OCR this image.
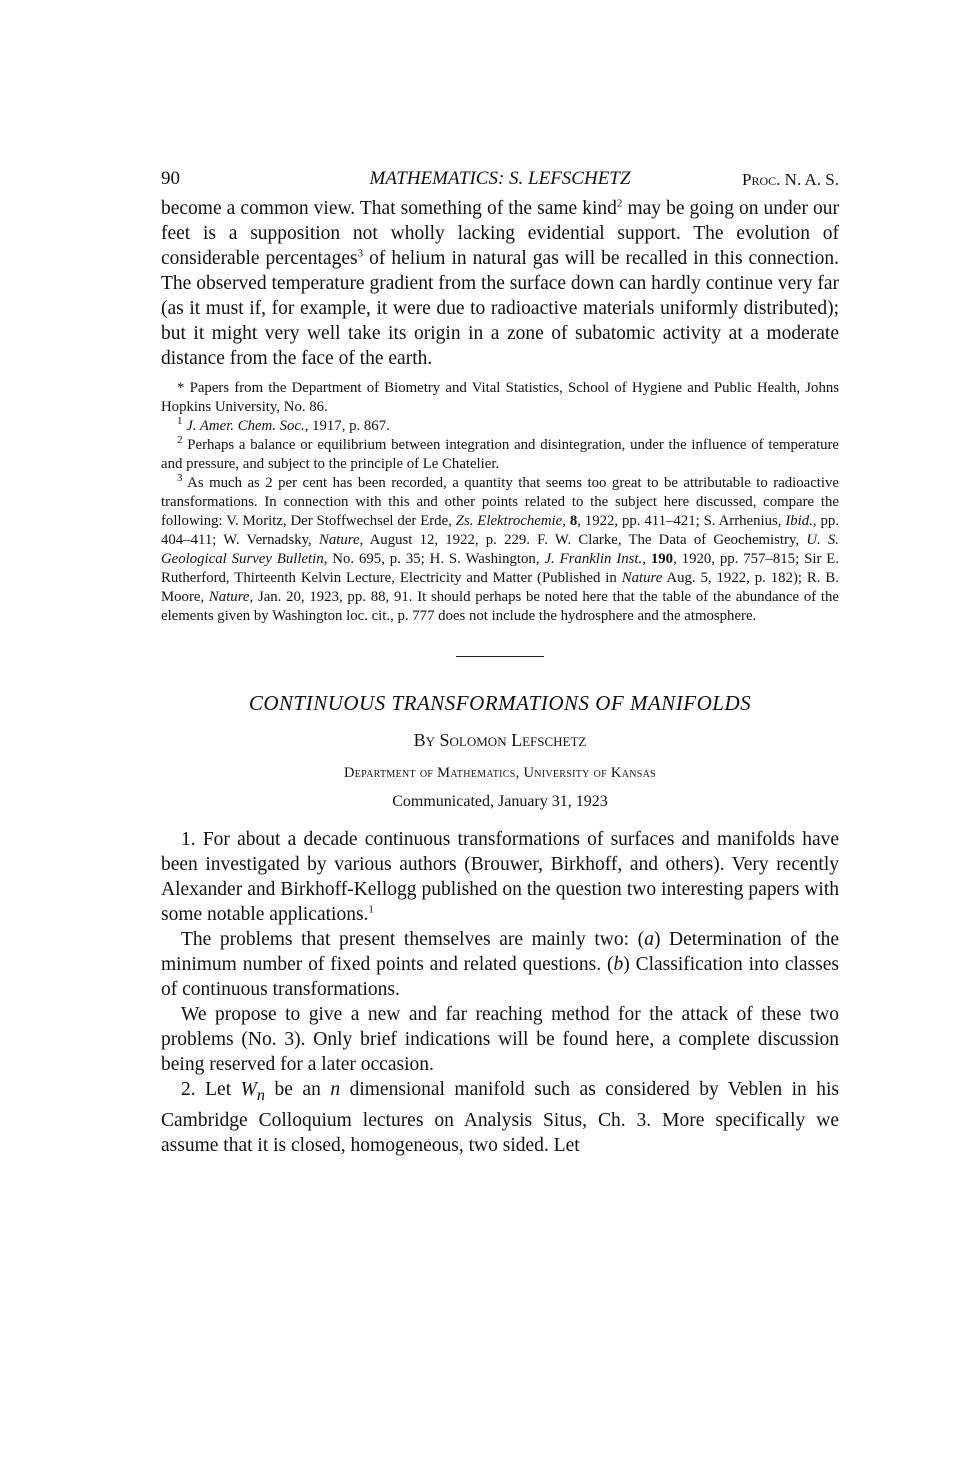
90	MATHEMATICS: S. LEFSCHETZ	Proc. N. A. S.

become a common view. That something of the same kind$^2$ may be going on under our feet is a supposition not wholly lacking evidential support. The evolution of considerable percentages$^3$ of helium in natural gas will be recalled in this connection. The observed temperature gradient from the surface down can hardly continue very far (as it must if, for example, it were due to radioactive materials uniformly distributed); but it might very well take its origin in a zone of subatomic activity at a moderate distance from the face of the earth.

* Papers from the Department of Biometry and Vital Statistics, School of Hygiene and Public Health, Johns Hopkins University, No. 86.

$^1$ J. Amer. Chem. Soc., 1917, p. 867.

$^2$ Perhaps a balance or equilibrium between integration and disintegration, under the influence of temperature and pressure, and subject to the principle of Le Chatelier.

$^3$ As much as 2 per cent has been recorded, a quantity that seems too great to be attributable to radioactive transformations. In connection with this and other points related to the subject here discussed, compare the following: V. Moritz, Der Stoffwechsel der Erde, Zs. Elektrochemie, 8, 1922, pp. 411–421; S. Arrhenius, Ibid., pp. 404–411; W. Vernadsky, Nature, August 12, 1922, p. 229. F. W. Clarke, The Data of Geochemistry, U. S. Geological Survey Bulletin, No. 695, p. 35; H. S. Washington, J. Franklin Inst., 190, 1920, pp. 757–815; Sir E. Rutherford, Thirteenth Kelvin Lecture, Electricity and Matter (Published in Nature Aug. 5, 1922, p. 182); R. B. Moore, Nature, Jan. 20, 1923, pp. 88, 91. It should perhaps be noted here that the table of the abundance of the elements given by Washington loc. cit., p. 777 does not include the hydrosphere and the atmosphere.

CONTINUOUS TRANSFORMATIONS OF MANIFOLDS
By Solomon Lefschetz
Department of Mathematics, University of Kansas
Communicated, January 31, 1923

1. For about a decade continuous transformations of surfaces and manifolds have been investigated by various authors (Brouwer, Birkhoff, and others). Very recently Alexander and Birkhoff-Kellogg published on the question two interesting papers with some notable applications.$^1$

The problems that present themselves are mainly two: (a) Determination of the minimum number of fixed points and related questions. (b) Classification into classes of continuous transformations.

We propose to give a new and far reaching method for the attack of these two problems (No. 3). Only brief indications will be found here, a complete discussion being reserved for a later occasion.

2. Let $W_n$ be an n dimensional manifold such as considered by Veblen in his Cambridge Colloquium lectures on Analysis Situs, Ch. 3. More specifically we assume that it is closed, homogeneous, two sided. Let
